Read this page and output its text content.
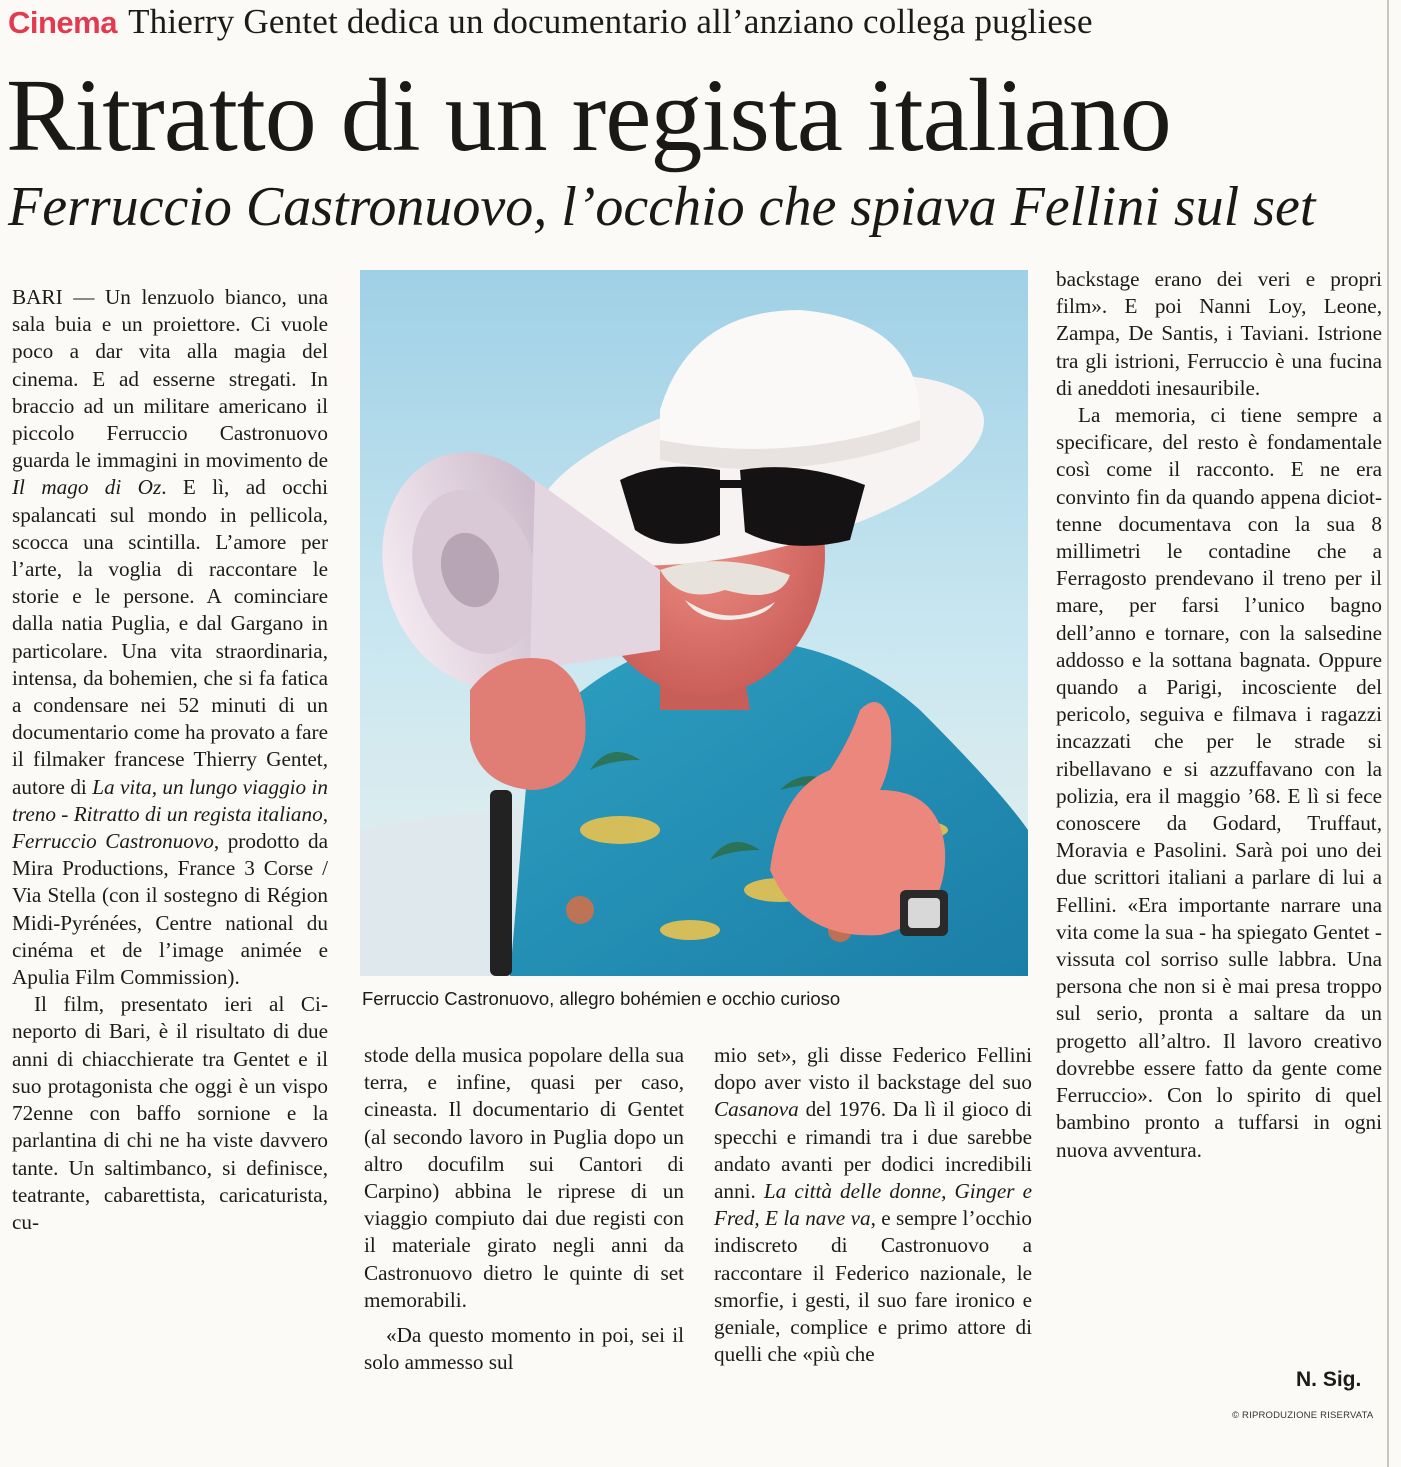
Cinema Thierry Gentet dedica un documentario all’anziano collega pugliese
Ritratto di un regista italiano
Ferruccio Castronuovo, l’occhio che spiava Fellini sul set

BARI — Un lenzuolo bianco, una sala buia e un proiettore. Ci vuole poco a dar vita alla magia del cinema. E ad esserne stregati. In braccio ad un militare americano il piccolo Ferruccio Castronuovo guarda le immagini in movimento de Il mago di Oz. E lì, ad occhi spalancati sul mondo in pellicola, scocca una scintilla. L’amore per l’arte, la voglia di raccontare le storie e le persone. A cominciare dalla natia Puglia, e dal Gargano in particolare. Una vita straordinaria, intensa, da bohemien, che si fa fatica a condensare nei 52 minuti di un documentario come ha provato a fare il filmaker francese Thierry Gentet, autore di La vita, un lungo viaggio in treno - Ritratto di un regista italiano, Ferruccio Castronuovo, prodotto da Mira Productions, France 3 Corse / Via Stella (con il sostegno di Région Midi-Pyrénées, Centre national du cinéma et de l’image animée e Apulia Film Commission).

Il film, presentato ieri al Cineporto di Bari, è il risultato di due anni di chiacchierate tra Gentet e il suo protagonista che oggi è un vispo 72enne con baffo sornione e la parlantina di chi ne ha viste davvero tante. Un saltimbanco, si definisce, teatrante, cabarettista, caricaturista, cu-

Ferruccio Castronuovo, allegro bohémien e occhio curioso

stode della musica popolare della sua terra, e infine, quasi per caso, cineasta. Il documentario di Gentet (al secondo lavoro in Puglia dopo un altro docufilm sui Cantori di Carpino) abbina le riprese di un viaggio compiuto dai due registi con il materiale girato negli anni da Castronuovo dietro le quinte di set memorabili.

«Da questo momento in poi, sei il solo ammesso sul

mio set», gli disse Federico Fellini dopo aver visto il backstage del suo Casanova del 1976. Da lì il gioco di specchi e rimandi tra i due sarebbe andato avanti per dodici incredibili anni. La città delle donne, Ginger e Fred, E la nave va, e sempre l’occhio indiscreto di Castronuovo a raccontare il Federico nazionale, le smorfie, i gesti, il suo fare ironico e geniale, complice e primo attore di quelli che «più che

backstage erano dei veri e propri film». E poi Nanni Loy, Leone, Zampa, De Santis, i Taviani. Istrione tra gli istrioni, Ferruccio è una fucina di aneddoti inesauribile.

La memoria, ci tiene sempre a specificare, del resto è fondamentale così come il racconto. E ne era convinto fin da quando appena diciottenne documentava con la sua 8 millimetri le contadine che a Ferragosto prendevano il treno per il mare, per farsi l’unico bagno dell’anno e tornare, con la salsedine addosso e la sottana bagnata. Oppure quando a Parigi, incosciente del pericolo, seguiva e filmava i ragazzi incazzati che per le strade si ribellavano e si azzuffavano con la polizia, era il maggio ’68. E lì si fece conoscere da Godard, Truffaut, Moravia e Pasolini. Sarà poi uno dei due scrittori italiani a parlare di lui a Fellini. «Era importante narrare una vita come la sua - ha spiegato Gentet - vissuta col sorriso sulle labbra. Una persona che non si è mai presa troppo sul serio, pronta a saltare da un progetto all’altro. Il lavoro creativo dovrebbe essere fatto da gente come Ferruccio». Con lo spirito di quel bambino pronto a tuffarsi in ogni nuova avventura.

N. Sig.
© RIPRODUZIONE RISERVATA
